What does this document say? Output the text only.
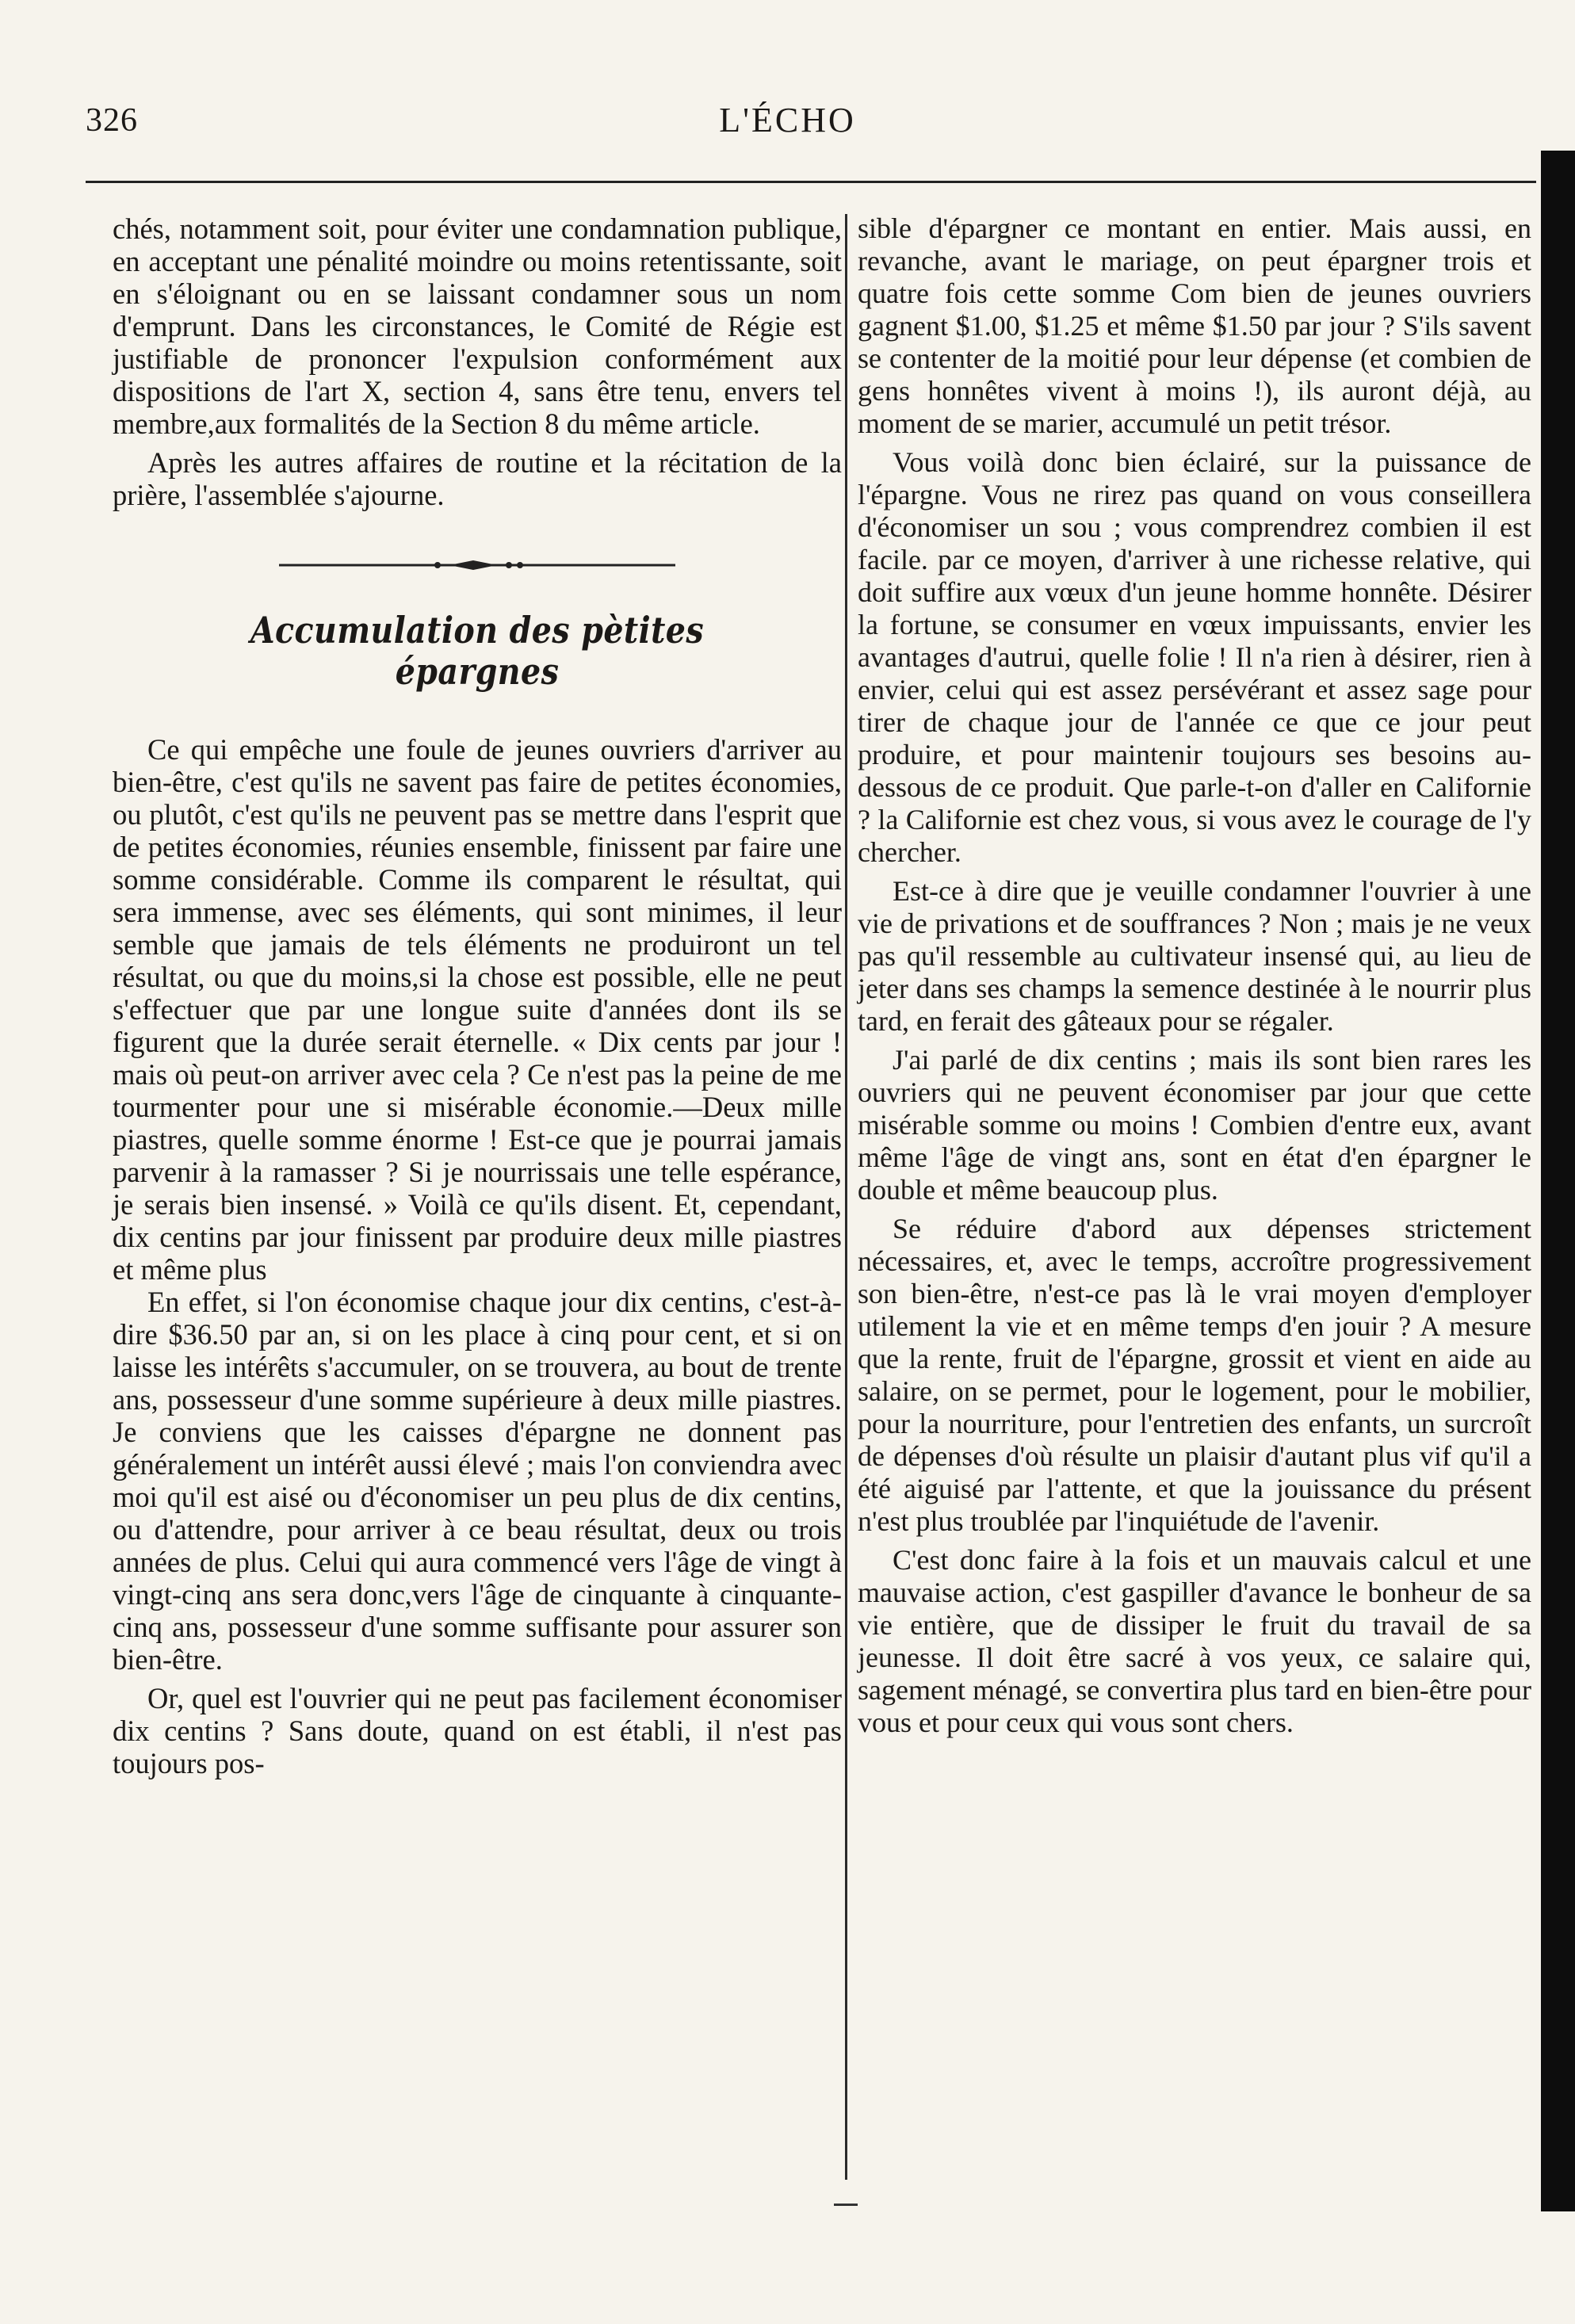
326	L'ÉCHO

chés, notamment soit, pour éviter une condamnation publique, en acceptant une pénalité moindre ou moins retentissante, soit en s'éloignant ou en se laissant condamner sous un nom d'emprunt. Dans les circonstances, le Comité de Régie est justifiable de prononcer l'expulsion conformément aux dispositions de l'art X, section 4, sans être tenu, envers tel membre,aux formalités de la Section 8 du même article.

Après les autres affaires de routine et la récitation de la prière, l'assemblée s'ajourne.

Accumulation des pètites épargnes

Ce qui empêche une foule de jeunes ouvriers d'arriver au bien-être, c'est qu'ils ne savent pas faire de petites économies, ou plutôt, c'est qu'ils ne peuvent pas se mettre dans l'esprit que de petites économies, réunies ensemble, finissent par faire une somme considérable. Comme ils comparent le résultat, qui sera immense, avec ses éléments, qui sont minimes, il leur semble que jamais de tels éléments ne produiront un tel résultat, ou que du moins,si la chose est possible, elle ne peut s'effectuer que par une longue suite d'années dont ils se figurent que la durée serait éternelle. « Dix cents par jour ! mais où peut-on arriver avec cela ? Ce n'est pas la peine de me tourmenter pour une si misérable économie.—Deux mille piastres, quelle somme énorme ! Est-ce que je pourrai jamais parvenir à la ramasser ? Si je nourrissais une telle espérance, je serais bien insensé. » Voilà ce qu'ils disent. Et, cependant, dix centins par jour finissent par produire deux mille piastres et même plus

En effet, si l'on économise chaque jour dix centins, c'est-à-dire $36.50 par an, si on les place à cinq pour cent, et si on laisse les intérêts s'accumuler, on se trouvera, au bout de trente ans, possesseur d'une somme supérieure à deux mille piastres. Je conviens que les caisses d'épargne ne donnent pas généralement un intérêt aussi élevé ; mais l'on conviendra avec moi qu'il est aisé ou d'économiser un peu plus de dix centins, ou d'attendre, pour arriver à ce beau résultat, deux ou trois années de plus. Celui qui aura commencé vers l'âge de vingt à vingt-cinq ans sera donc,vers l'âge de cinquante à cinquante-cinq ans, possesseur d'une somme suffisante pour assurer son bien-être.

Or, quel est l'ouvrier qui ne peut pas facilement économiser dix centins ? Sans doute, quand on est établi, il n'est pas toujours pos-

sible d'épargner ce montant en entier. Mais aussi, en revanche, avant le mariage, on peut épargner trois et quatre fois cette somme Com bien de jeunes ouvriers gagnent $1.00, $1.25 et même $1.50 par jour ? S'ils savent se contenter de la moitié pour leur dépense (et combien de gens honnêtes vivent à moins !), ils auront déjà, au moment de se marier, accumulé un petit trésor.

Vous voilà donc bien éclairé, sur la puissance de l'épargne. Vous ne rirez pas quand on vous conseillera d'économiser un sou ; vous comprendrez combien il est facile. par ce moyen, d'arriver à une richesse relative, qui doit suffire aux vœux d'un jeune homme honnête. Désirer la fortune, se consumer en vœux impuissants, envier les avantages d'autrui, quelle folie ! Il n'a rien à désirer, rien à envier, celui qui est assez persévérant et assez sage pour tirer de chaque jour de l'année ce que ce jour peut produire, et pour maintenir toujours ses besoins au-dessous de ce produit. Que parle-t-on d'aller en Californie ? la Californie est chez vous, si vous avez le courage de l'y chercher.

Est-ce à dire que je veuille condamner l'ouvrier à une vie de privations et de souffrances ? Non ; mais je ne veux pas qu'il ressemble au cultivateur insensé qui, au lieu de jeter dans ses champs la semence destinée à le nourrir plus tard, en ferait des gâteaux pour se régaler.

J'ai parlé de dix centins ; mais ils sont bien rares les ouvriers qui ne peuvent économiser par jour que cette misérable somme ou moins ! Combien d'entre eux, avant même l'âge de vingt ans, sont en état d'en épargner le double et même beaucoup plus.

Se réduire d'abord aux dépenses strictement nécessaires, et, avec le temps, accroître progressivement son bien-être, n'est-ce pas là le vrai moyen d'employer utilement la vie et en même temps d'en jouir ? A mesure que la rente, fruit de l'épargne, grossit et vient en aide au salaire, on se permet, pour le logement, pour le mobilier, pour la nourriture, pour l'entretien des enfants, un surcroît de dépenses d'où résulte un plaisir d'autant plus vif qu'il a été aiguisé par l'attente, et que la jouissance du présent n'est plus troublée par l'inquiétude de l'avenir.

C'est donc faire à la fois et un mauvais calcul et une mauvaise action, c'est gaspiller d'avance le bonheur de sa vie entière, que de dissiper le fruit du travail de sa jeunesse. Il doit être sacré à vos yeux, ce salaire qui, sagement ménagé, se convertira plus tard en bien-être pour vous et pour ceux qui vous sont chers.
